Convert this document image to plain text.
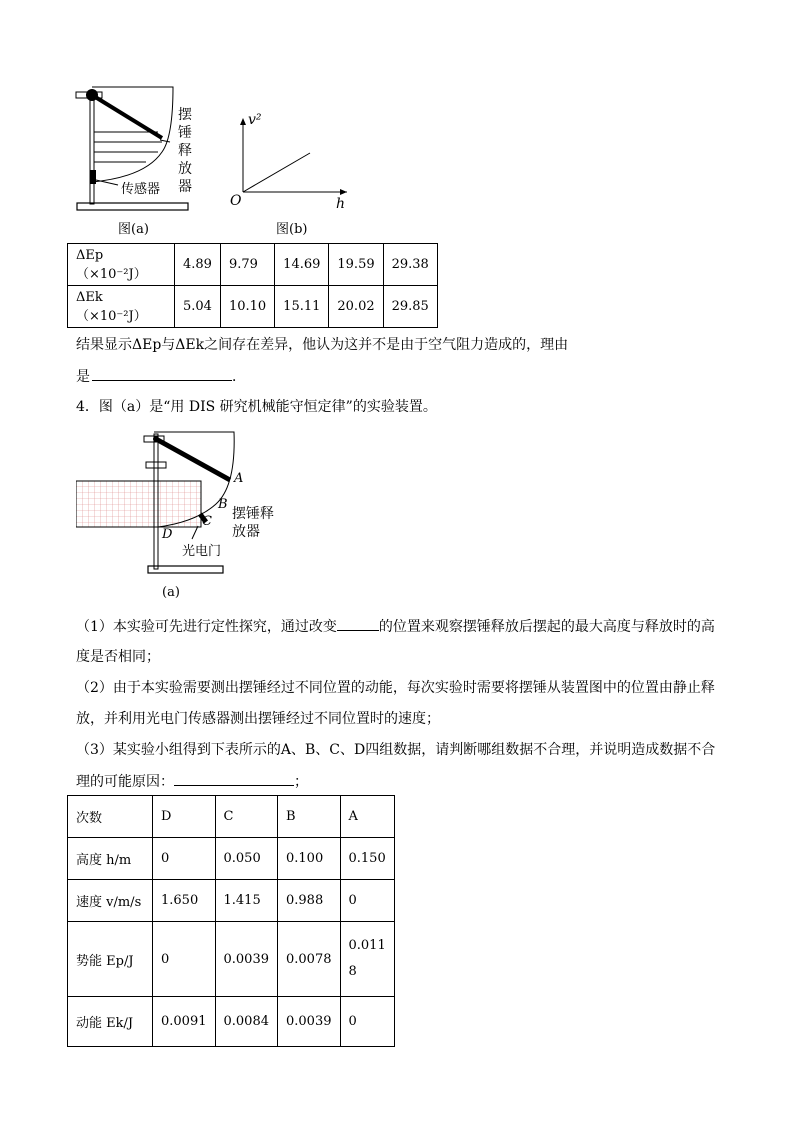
摆锤释放器
传感器
图(a)
v²
h
O
图(b)
ΔEp（×10⁻²J）	4.89	9.79	14.69	19.59	29.38
ΔEk（×10⁻²J）	5.04	10.10	15.11	20.02	29.85
结果显示ΔEp与ΔEk之间存在差异，他认为这并不是由于空气阻力造成的，理由
是	．
4．图（a）是“用 DIS 研究机械能守恒定律”的实验装置。
A
B
C
D
摆锤释放器
光电门
(a)
（1）本实验可先进行定性探究，通过改变	的位置来观察摆锤释放后摆起的最大高度与释放时的高
度是否相同；
（2）由于本实验需要测出摆锤经过不同位置的动能，每次实验时需要将摆锤从装置图中的位置由静止释
放，并利用光电门传感器测出摆锤经过不同位置时的速度；
（3）某实验小组得到下表所示的A、B、C、D四组数据，请判断哪组数据不合理，并说明造成数据不合
理的可能原因：	；
次数	D	C	B	A
高度 h/m	0	0.050	0.100	0.150
速度 v/m/s	1.650	1.415	0.988	0
势能 Ep/J	0	0.0039	0.0078	0.0118
动能 Ek/J	0.0091	0.0084	0.0039	0
